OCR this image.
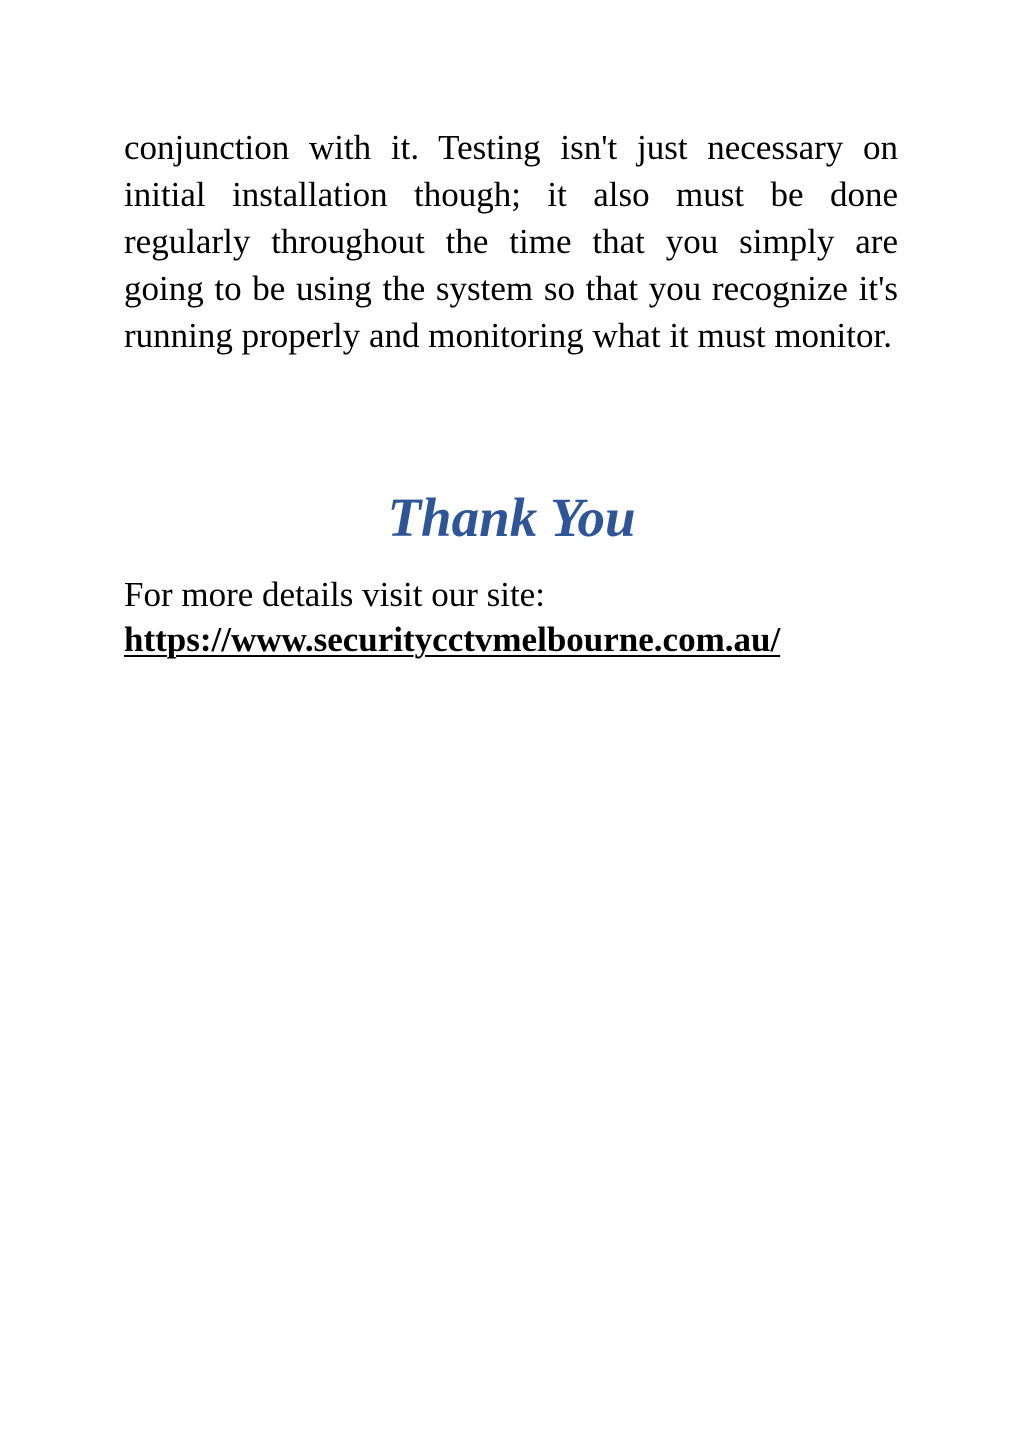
conjunction with it. Testing isn't just necessary on initial installation though; it also must be done regularly throughout the time that you simply are going to be using the system so that you recognize it's running properly and monitoring what it must monitor.

Thank You

For more details visit our site:

https://www.securitycctvmelbourne.com.au/
